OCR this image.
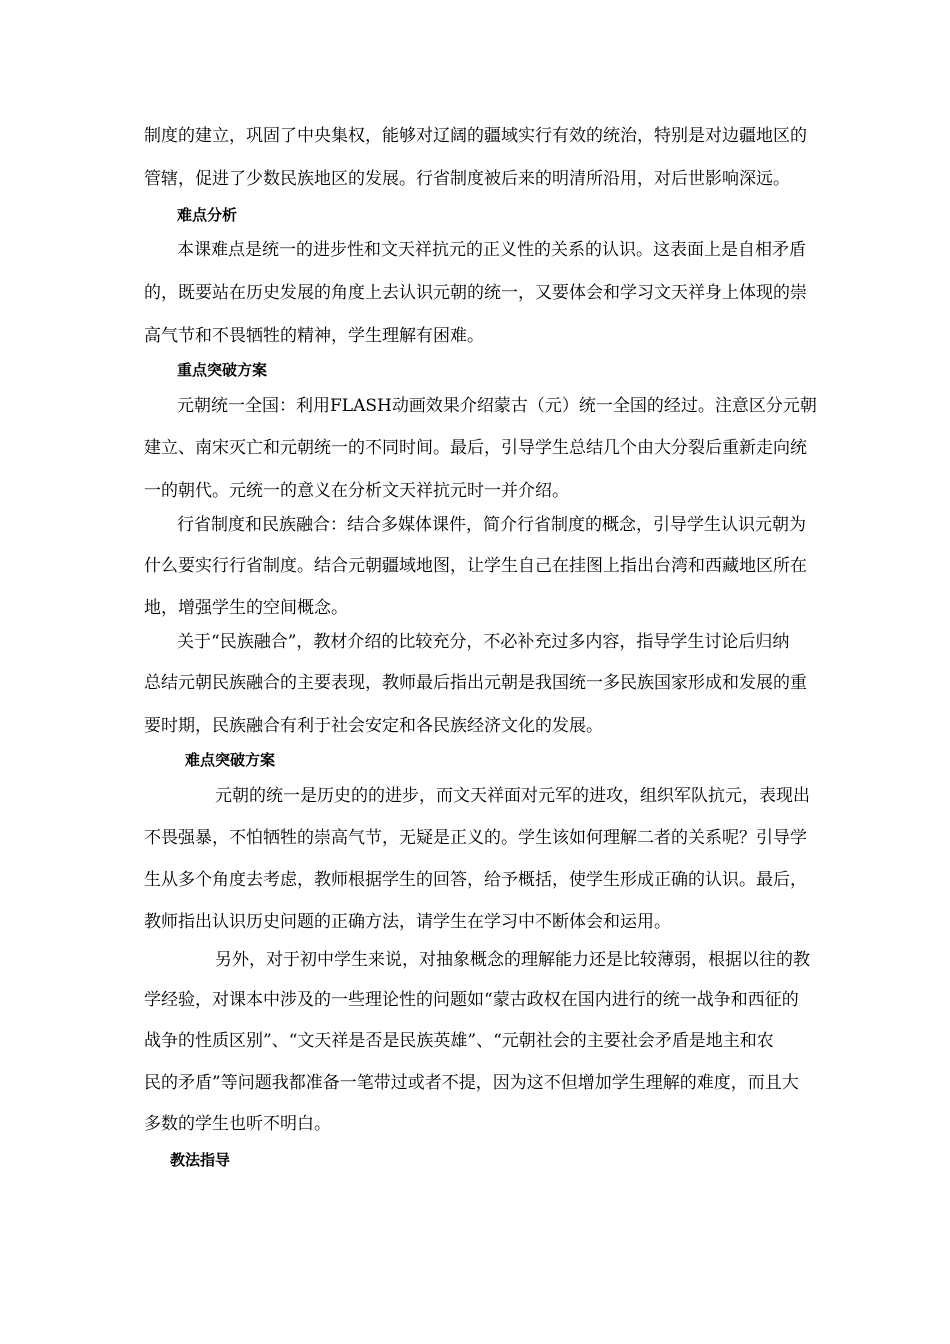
制度的建立，巩固了中央集权，能够对辽阔的疆域实行有效的统治，特别是对边疆地区的
管辖，促进了少数民族地区的发展。行省制度被后来的明清所沿用，对后世影响深远。
难点分析
本课难点是统一的进步性和文天祥抗元的正义性的关系的认识。这表面上是自相矛盾
的，既要站在历史发展的角度上去认识元朝的统一，又要体会和学习文天祥身上体现的崇
高气节和不畏牺牲的精神，学生理解有困难。
重点突破方案
元朝统一全国：利用FLASH动画效果介绍蒙古（元）统一全国的经过。注意区分元朝
建立、南宋灭亡和元朝统一的不同时间。最后，引导学生总结几个由大分裂后重新走向统
一的朝代。元统一的意义在分析文天祥抗元时一并介绍。
行省制度和民族融合：结合多媒体课件，简介行省制度的概念，引导学生认识元朝为
什么要实行行省制度。结合元朝疆域地图，让学生自己在挂图上指出台湾和西藏地区所在
地，增强学生的空间概念。
关于“民族融合”，教材介绍的比较充分，不必补充过多内容，指导学生讨论后归纳
总结元朝民族融合的主要表现，教师最后指出元朝是我国统一多民族国家形成和发展的重
要时期，民族融合有利于社会安定和各民族经济文化的发展。
难点突破方案
元朝的统一是历史的的进步，而文天祥面对元军的进攻，组织军队抗元，表现出
不畏强暴，不怕牺牲的崇高气节，无疑是正义的。学生该如何理解二者的关系呢？引导学
生从多个角度去考虑，教师根据学生的回答，给予概括，使学生形成正确的认识。最后，
教师指出认识历史问题的正确方法，请学生在学习中不断体会和运用。
另外，对于初中学生来说，对抽象概念的理解能力还是比较薄弱，根据以往的教
学经验，对课本中涉及的一些理论性的问题如“蒙古政权在国内进行的统一战争和西征的
战争的性质区别”、“文天祥是否是民族英雄”、“元朝社会的主要社会矛盾是地主和农
民的矛盾”等问题我都准备一笔带过或者不提，因为这不但增加学生理解的难度，而且大
多数的学生也听不明白。
教法指导
